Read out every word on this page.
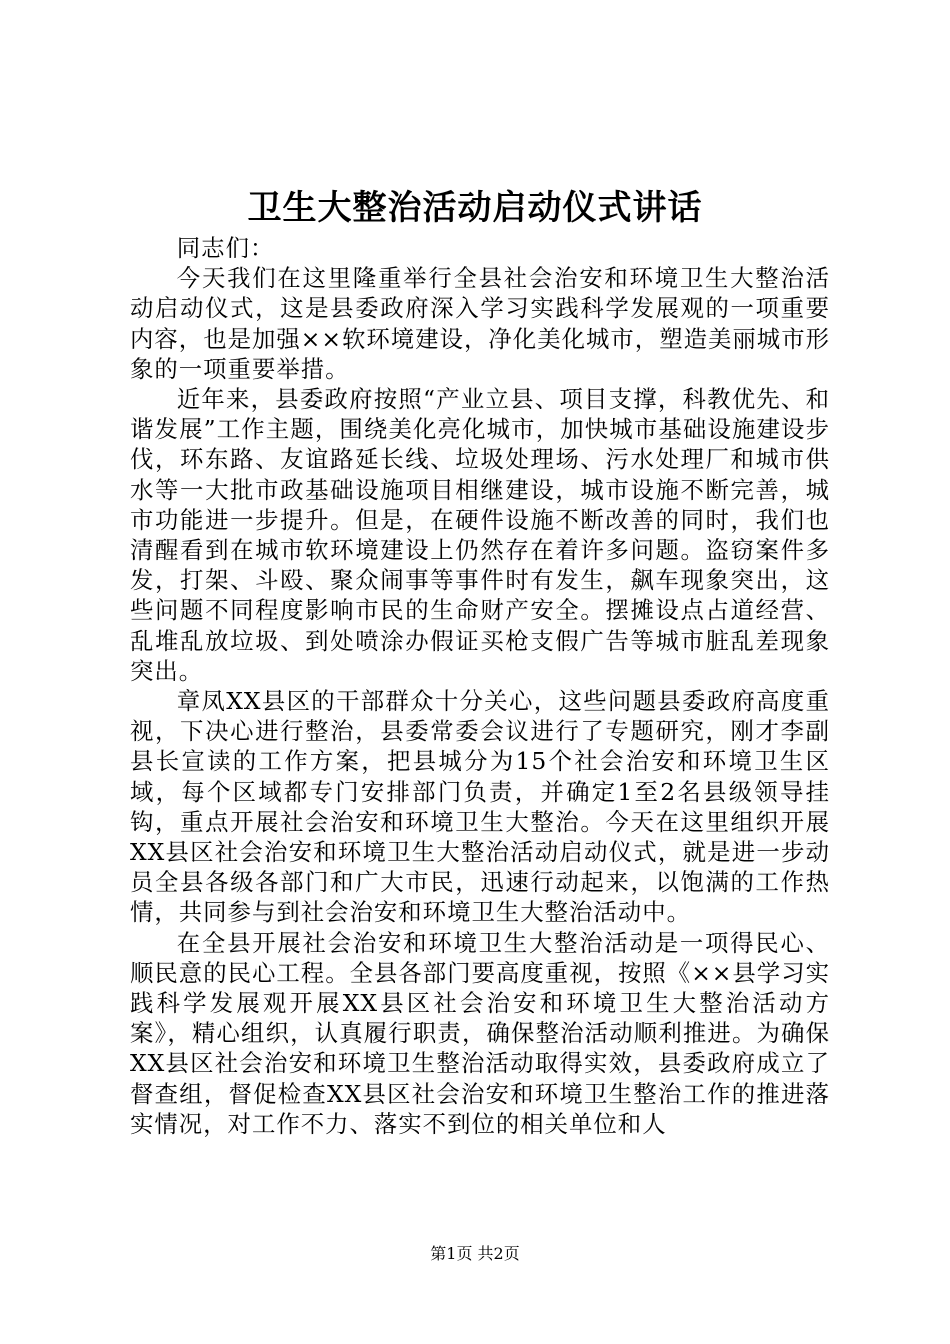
卫生大整治活动启动仪式讲话

同志们：

今天我们在这里隆重举行全县社会治安和环境卫生大整治活动启动仪式，这是县委政府深入学习实践科学发展观的一项重要内容，也是加强××软环境建设，净化美化城市，塑造美丽城市形象的一项重要举措。

近年来，县委政府按照“产业立县、项目支撑，科教优先、和谐发展”工作主题，围绕美化亮化城市，加快城市基础设施建设步伐，环东路、友谊路延长线、垃圾处理场、污水处理厂和城市供水等一大批市政基础设施项目相继建设，城市设施不断完善，城市功能进一步提升。但是，在硬件设施不断改善的同时，我们也清醒看到在城市软环境建设上仍然存在着许多问题。盗窃案件多发，打架、斗殴、聚众闹事等事件时有发生，飙车现象突出，这些问题不同程度影响市民的生命财产安全。摆摊设点占道经营、乱堆乱放垃圾、到处喷涂办假证买枪支假广告等城市脏乱差现象突出。

章凤XX县区的干部群众十分关心，这些问题县委政府高度重视，下决心进行整治，县委常委会议进行了专题研究，刚才李副县长宣读的工作方案，把县城分为15个社会治安和环境卫生区域，每个区域都专门安排部门负责，并确定1至2名县级领导挂钩，重点开展社会治安和环境卫生大整治。今天在这里组织开展XX县区社会治安和环境卫生大整治活动启动仪式，就是进一步动员全县各级各部门和广大市民，迅速行动起来，以饱满的工作热情，共同参与到社会治安和环境卫生大整治活动中。

在全县开展社会治安和环境卫生大整治活动是一项得民心、顺民意的民心工程。全县各部门要高度重视，按照《××县学习实践科学发展观开展XX县区社会治安和环境卫生大整治活动方案》，精心组织，认真履行职责，确保整治活动顺利推进。为确保XX县区社会治安和环境卫生整治活动取得实效，县委政府成立了督查组，督促检查XX县区社会治安和环境卫生整治工作的推进落实情况，对工作不力、落实不到位的相关单位和人

第1页 共2页
